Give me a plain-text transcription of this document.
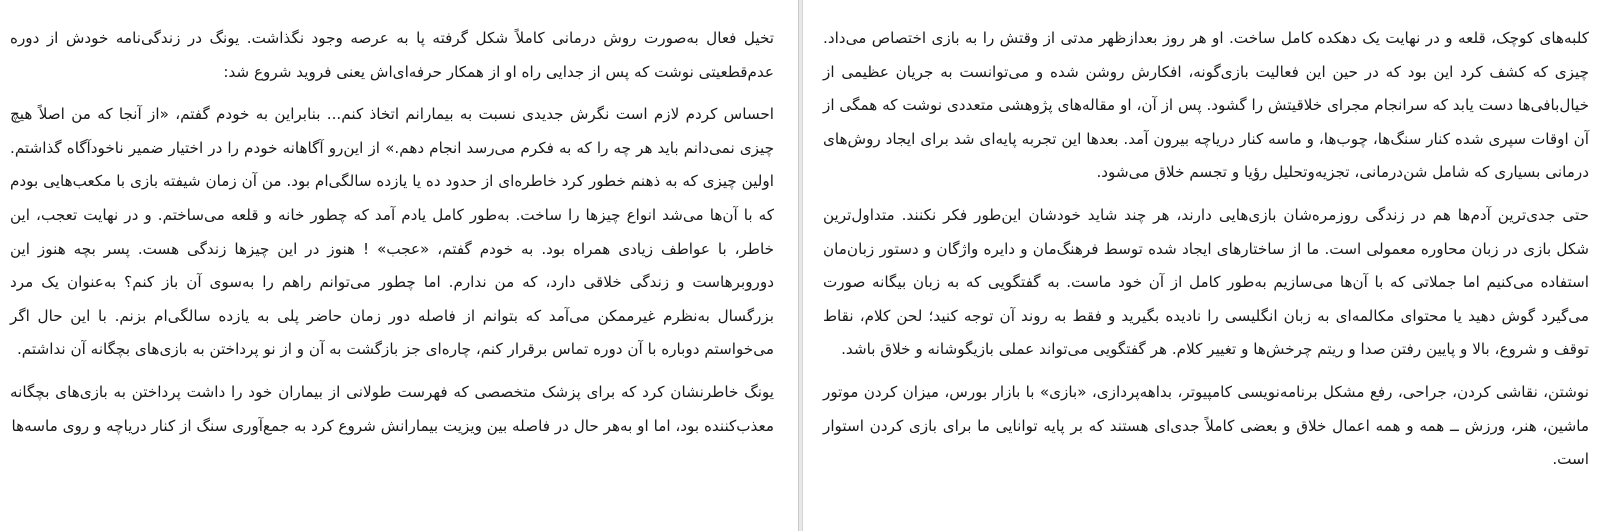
تخیل فعال به‌صورت روش درمانی کاملاً شکل گرفته پا به عرصه وجود نگذاشت. یونگ در زندگی‌نامه خودش از دوره عدم‌قطعیتی نوشت که پس از جدایی راه او از همکار حرفه‌ای‌اش یعنی فروید شروع شد:

احساس کردم لازم است نگرش جدیدی نسبت به بیمارانم اتخاذ کنم... بنابراین به خودم گفتم، «از آنجا که من اصلاً هیچ چیزی نمی‌دانم باید هر چه را که به فکرم می‌رسد انجام دهم.» از این‌رو آگاهانه خودم را در اختیار ضمیر ناخودآگاه گذاشتم. اولین چیزی که به ذهنم خطور کرد خاطره‌ای از حدود ده یا یازده سالگی‌ام بود. من آن زمان شیفته بازی با مکعب‌هایی بودم که با آن‌ها می‌شد انواع چیزها را ساخت. به‌طور کامل یادم آمد که چطور خانه و قلعه می‌ساختم. و در نهایت تعجب، این خاطر، با عواطف زیادی همراه بود. به خودم گفتم، «عجب» ! هنوز در این چیزها زندگی هست. پسر بچه هنوز این دوروبرهاست و زندگی خلاقی دارد، که من ندارم. اما چطور می‌توانم راهم را به‌سوی آن باز کنم؟ به‌عنوان یک مرد بزرگسال به‌نظرم غیرممکن می‌آمد که بتوانم از فاصله دور زمان حاضر پلی به یازده سالگی‌ام بزنم. با این حال اگر می‌خواستم دوباره با آن دوره تماس برقرار کنم، چاره‌ای جز بازگشت به آن و از نو پرداختن به بازی‌های بچگانه آن نداشتم.

یونگ خاطرنشان کرد که برای پزشک متخصصی که فهرست طولانی از بیماران خود را داشت پرداختن به بازی‌های بچگانه معذب‌کننده بود، اما او به‌هر حال در فاصله بین ویزیت بیمارانش شروع کرد به جمع‌آوری سنگ از کنار دریاچه و روی ماسه‌ها

کلبه‌های کوچک، قلعه و در نهایت یک دهکده کامل ساخت. او هر روز بعدازظهر مدتی از وقتش را به بازی اختصاص می‌داد. چیزی که کشف کرد این بود که در حین این فعالیت بازی‌گونه، افکارش روشن شده و می‌توانست به جریان عظیمی از خیال‌بافی‌ها دست یابد که سرانجام مجرای خلاقیتش را گشود. پس از آن، او مقاله‌های پژوهشی متعددی نوشت که همگی از آن اوقات سپری شده کنار سنگ‌ها، چوب‌ها، و ماسه کنار دریاچه بیرون آمد. بعدها این تجربه پایه‌ای شد برای ایجاد روش‌های درمانی بسیاری که شامل شن‌درمانی، تجزیه‌وتحلیل رؤیا و تجسم خلاق می‌شود.

حتی جدی‌ترین آدم‌ها هم در زندگی روزمره‌شان بازی‌هایی دارند، هر چند شاید خودشان این‌طور فکر نکنند. متداول‌ترین شکل بازی در زبان محاوره معمولی است. ما از ساختارهای ایجاد شده توسط فرهنگ‌مان و دایره واژگان و دستور زبان‌مان استفاده می‌کنیم اما جملاتی که با آن‌ها می‌سازیم به‌طور کامل از آن خود ماست. به گفتگویی که به زبان بیگانه صورت می‌گیرد گوش دهید یا محتوای مکالمه‌ای به زبان انگلیسی را نادیده بگیرید و فقط به روند آن توجه کنید؛ لحن کلام، نقاط توقف و شروع، بالا و پایین رفتن صدا و ریتم چرخش‌ها و تغییر کلام. هر گفتگویی می‌تواند عملی بازیگوشانه و خلاق باشد.

نوشتن، نقاشی کردن، جراحی، رفع مشکل برنامه‌نویسی کامپیوتر، بداهه‌پردازی، «بازی» با بازار بورس، میزان کردن موتور ماشین، هنر، ورزش ــ همه و همه اعمال خلاق و بعضی کاملاً جدی‌ای هستند که بر پایه توانایی ما برای بازی کردن استوار است.
